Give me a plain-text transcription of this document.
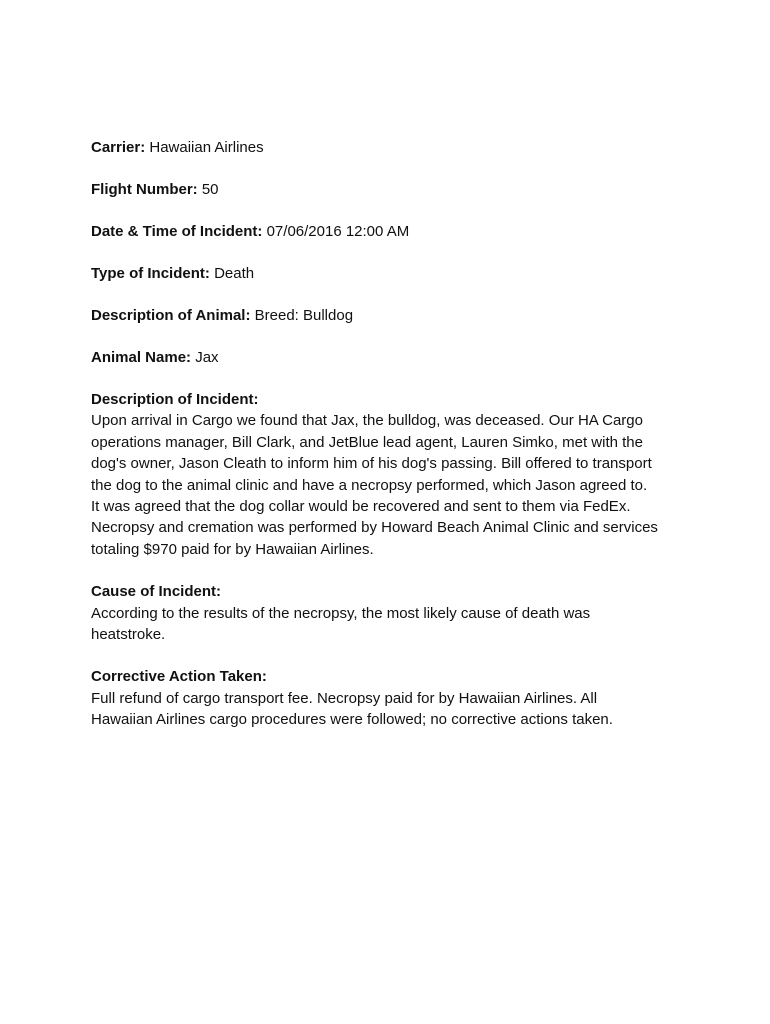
Carrier: Hawaiian Airlines
Flight Number: 50
Date & Time of Incident: 07/06/2016 12:00 AM
Type of Incident: Death
Description of Animal: Breed: Bulldog
Animal Name: Jax
Description of Incident:
Upon arrival in Cargo we found that Jax, the bulldog, was deceased. Our HA Cargo
operations manager, Bill Clark, and JetBlue lead agent, Lauren Simko, met with the
dog's owner, Jason Cleath to inform him of his dog's passing. Bill offered to transport
the dog to the animal clinic and have a necropsy performed, which Jason agreed to.
It was agreed that the dog collar would be recovered and sent to them via FedEx.
Necropsy and cremation was performed by Howard Beach Animal Clinic and services
totaling $970 paid for by Hawaiian Airlines.
Cause of Incident:
According to the results of the necropsy, the most likely cause of death was
heatstroke.
Corrective Action Taken:
Full refund of cargo transport fee. Necropsy paid for by Hawaiian Airlines. All
Hawaiian Airlines cargo procedures were followed; no corrective actions taken.
